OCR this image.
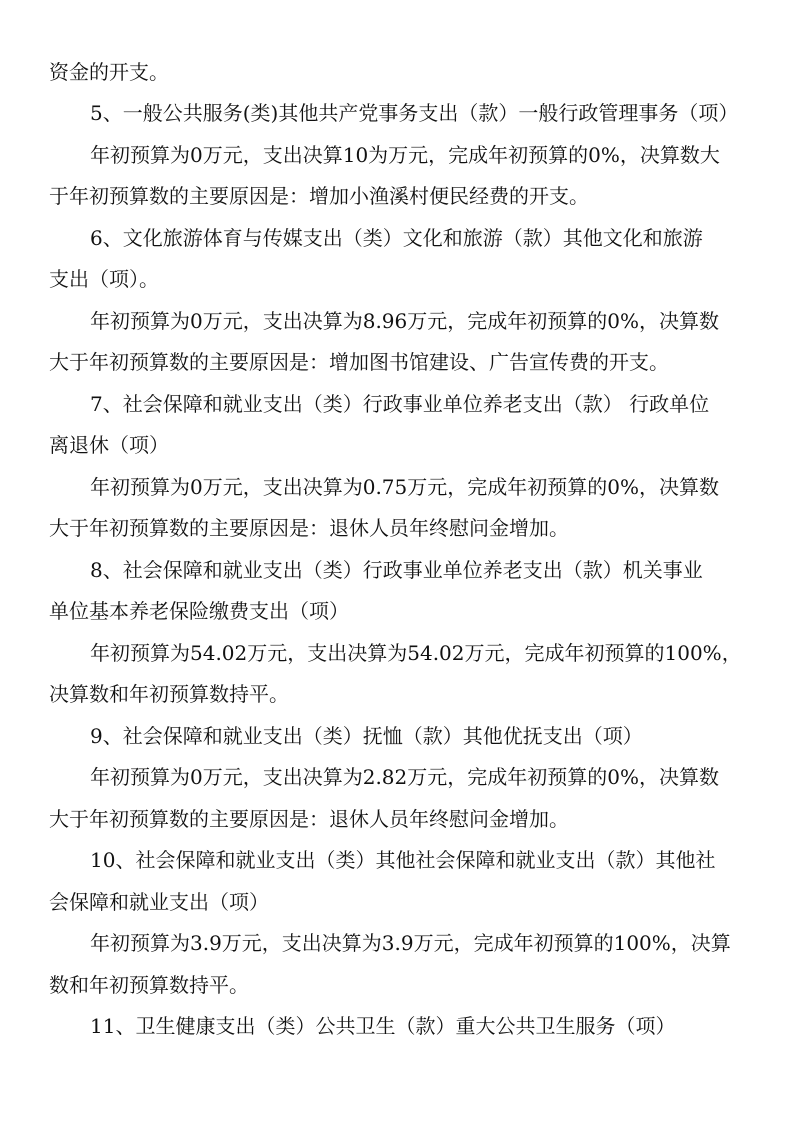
资金的开支。
5、一般公共服务(类)其他共产党事务支出（款）一般行政管理事务（项）
年初预算为0万元，支出决算10为万元，完成年初预算的0%，决算数大
于年初预算数的主要原因是：增加小渔溪村便民经费的开支。
6、文化旅游体育与传媒支出（类）文化和旅游（款）其他文化和旅游
支出（项）。
年初预算为0万元，支出决算为8.96万元，完成年初预算的0%，决算数
大于年初预算数的主要原因是：增加图书馆建设、广告宣传费的开支。
7、社会保障和就业支出（类）行政事业单位养老支出（款） 行政单位
离退休（项）
年初预算为0万元，支出决算为0.75万元，完成年初预算的0%，决算数
大于年初预算数的主要原因是：退休人员年终慰问金增加。
8、社会保障和就业支出（类）行政事业单位养老支出（款）机关事业
单位基本养老保险缴费支出（项）
年初预算为54.02万元，支出决算为54.02万元，完成年初预算的100%，
决算数和年初预算数持平。
9、社会保障和就业支出（类）抚恤（款）其他优抚支出（项）
年初预算为0万元，支出决算为2.82万元，完成年初预算的0%，决算数
大于年初预算数的主要原因是：退休人员年终慰问金增加。
10、社会保障和就业支出（类）其他社会保障和就业支出（款）其他社
会保障和就业支出（项）
年初预算为3.9万元，支出决算为3.9万元，完成年初预算的100%，决算
数和年初预算数持平。
11、卫生健康支出（类）公共卫生（款）重大公共卫生服务（项）
